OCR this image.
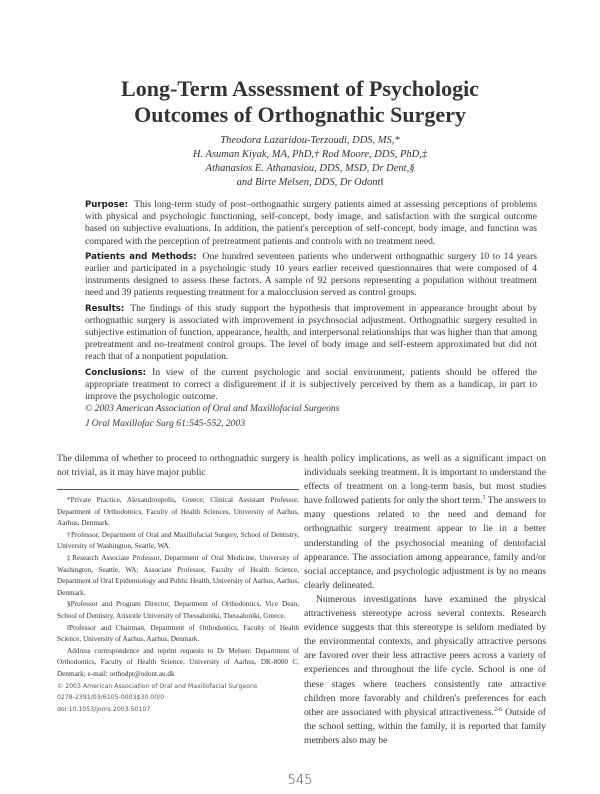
Long-Term Assessment of Psychologic
Outcomes of Orthognathic Surgery
Theodora Lazaridou-Terzoudi, DDS, MS,*
H. Asuman Kiyak, MA, PhD,† Rod Moore, DDS, PhD,‡
Athanasios E. Athanasiou, DDS, MSD, Dr Dent,§
and Birte Melsen, DDS, Dr Odont‖

Purpose: This long-term study of post–orthognathic surgery patients aimed at assessing perceptions of problems with physical and psychologic functioning, self-concept, body image, and satisfaction with the surgical outcome based on subjective evaluations. In addition, the patient's perception of self-concept, body image, and function was compared with the perception of pretreatment patients and controls with no treatment need.

Patients and Methods: One hundred seventeen patients who underwent orthognathic surgery 10 to 14 years earlier and participated in a psychologic study 10 years earlier received questionnaires that were composed of 4 instruments designed to assess these factors. A sample of 92 persons representing a population without treatment need and 39 patients requesting treatment for a malocclusion served as control groups.

Results: The findings of this study support the hypothesis that improvement in appearance brought about by orthognathic surgery is associated with improvement in psychosocial adjustment. Orthognathic surgery resulted in subjective estimation of function, appearance, health, and interpersonal relationships that was higher than that among pretreatment and no-treatment control groups. The level of body image and self-esteem approximated but did not reach that of a nonpatient population.

Conclusions: In view of the current psychologic and social environment, patients should be offered the appropriate treatment to correct a disfigurement if it is subjectively perceived by them as a handicap, in part to improve the psychologic outcome.

© 2003 American Association of Oral and Maxillofacial Surgeons

J Oral Maxillofac Surg 61:545-552, 2003

The dilemma of whether to proceed to orthognathic surgery is not trivial, as it may have major public

*Private Practice, Alexandroupolis, Greece; Clinical Assistant Professor, Department of Orthodontics, Faculty of Health Sciences, University of Aarhus, Aarhus, Denmark.

†Professor, Department of Oral and Maxillofacial Surgery, School of Dentistry, University of Washington, Seattle, WA.

‡Research Associate Professor, Department of Oral Medicine, University of Washington, Seattle, WA; Associate Professor, Faculty of Health Science, Department of Oral Epidemiology and Public Health, University of Aarhus, Aarhus, Denmark.

§Professor and Program Director, Department of Orthodontics, Vice Dean, School of Dentistry, Aristotle University of Thessaloniki, Thessaloniki, Greece.

‖Professor and Chairman, Department of Orthodontics, Faculty of Health Science, University of Aarhus, Aarhus, Denmark.

Address correspondence and reprint requests to Dr Melsen: Department of Orthodontics, Faculty of Health Science, University of Aarhus, DK-8000 C, Denmark; e-mail: orthodpt@odont.au.dk

© 2003 American Association of Oral and Maxillofacial Surgeons

0278-2391/03/6105-0003$30.00/0

doi:10.1053/joms.2003.50107

health policy implications, as well as a significant impact on individuals seeking treatment. It is important to understand the effects of treatment on a long-term basis, but most studies have followed patients for only the short term.$^1$ The answers to many questions related to the need and demand for orthognathic surgery treatment appear to lie in a better understanding of the psychosocial meaning of dentofacial appearance. The association among appearance, family and/or social acceptance, and psychologic adjustment is by no means clearly delineated.

Numerous investigations have examined the physical attractiveness stereotype across several contexts. Research evidence suggests that this stereotype is seldom mediated by the environmental contexts, and physically attractive persons are favored over their less attractive peers across a variety of experiences and throughout the life cycle. School is one of these stages where teachers consistently rate attractive children more favorably and children's preferences for each other are associated with physical attractiveness.$^{2-6}$ Outside of the school setting, within the family, it is reported that family members also may be

545
